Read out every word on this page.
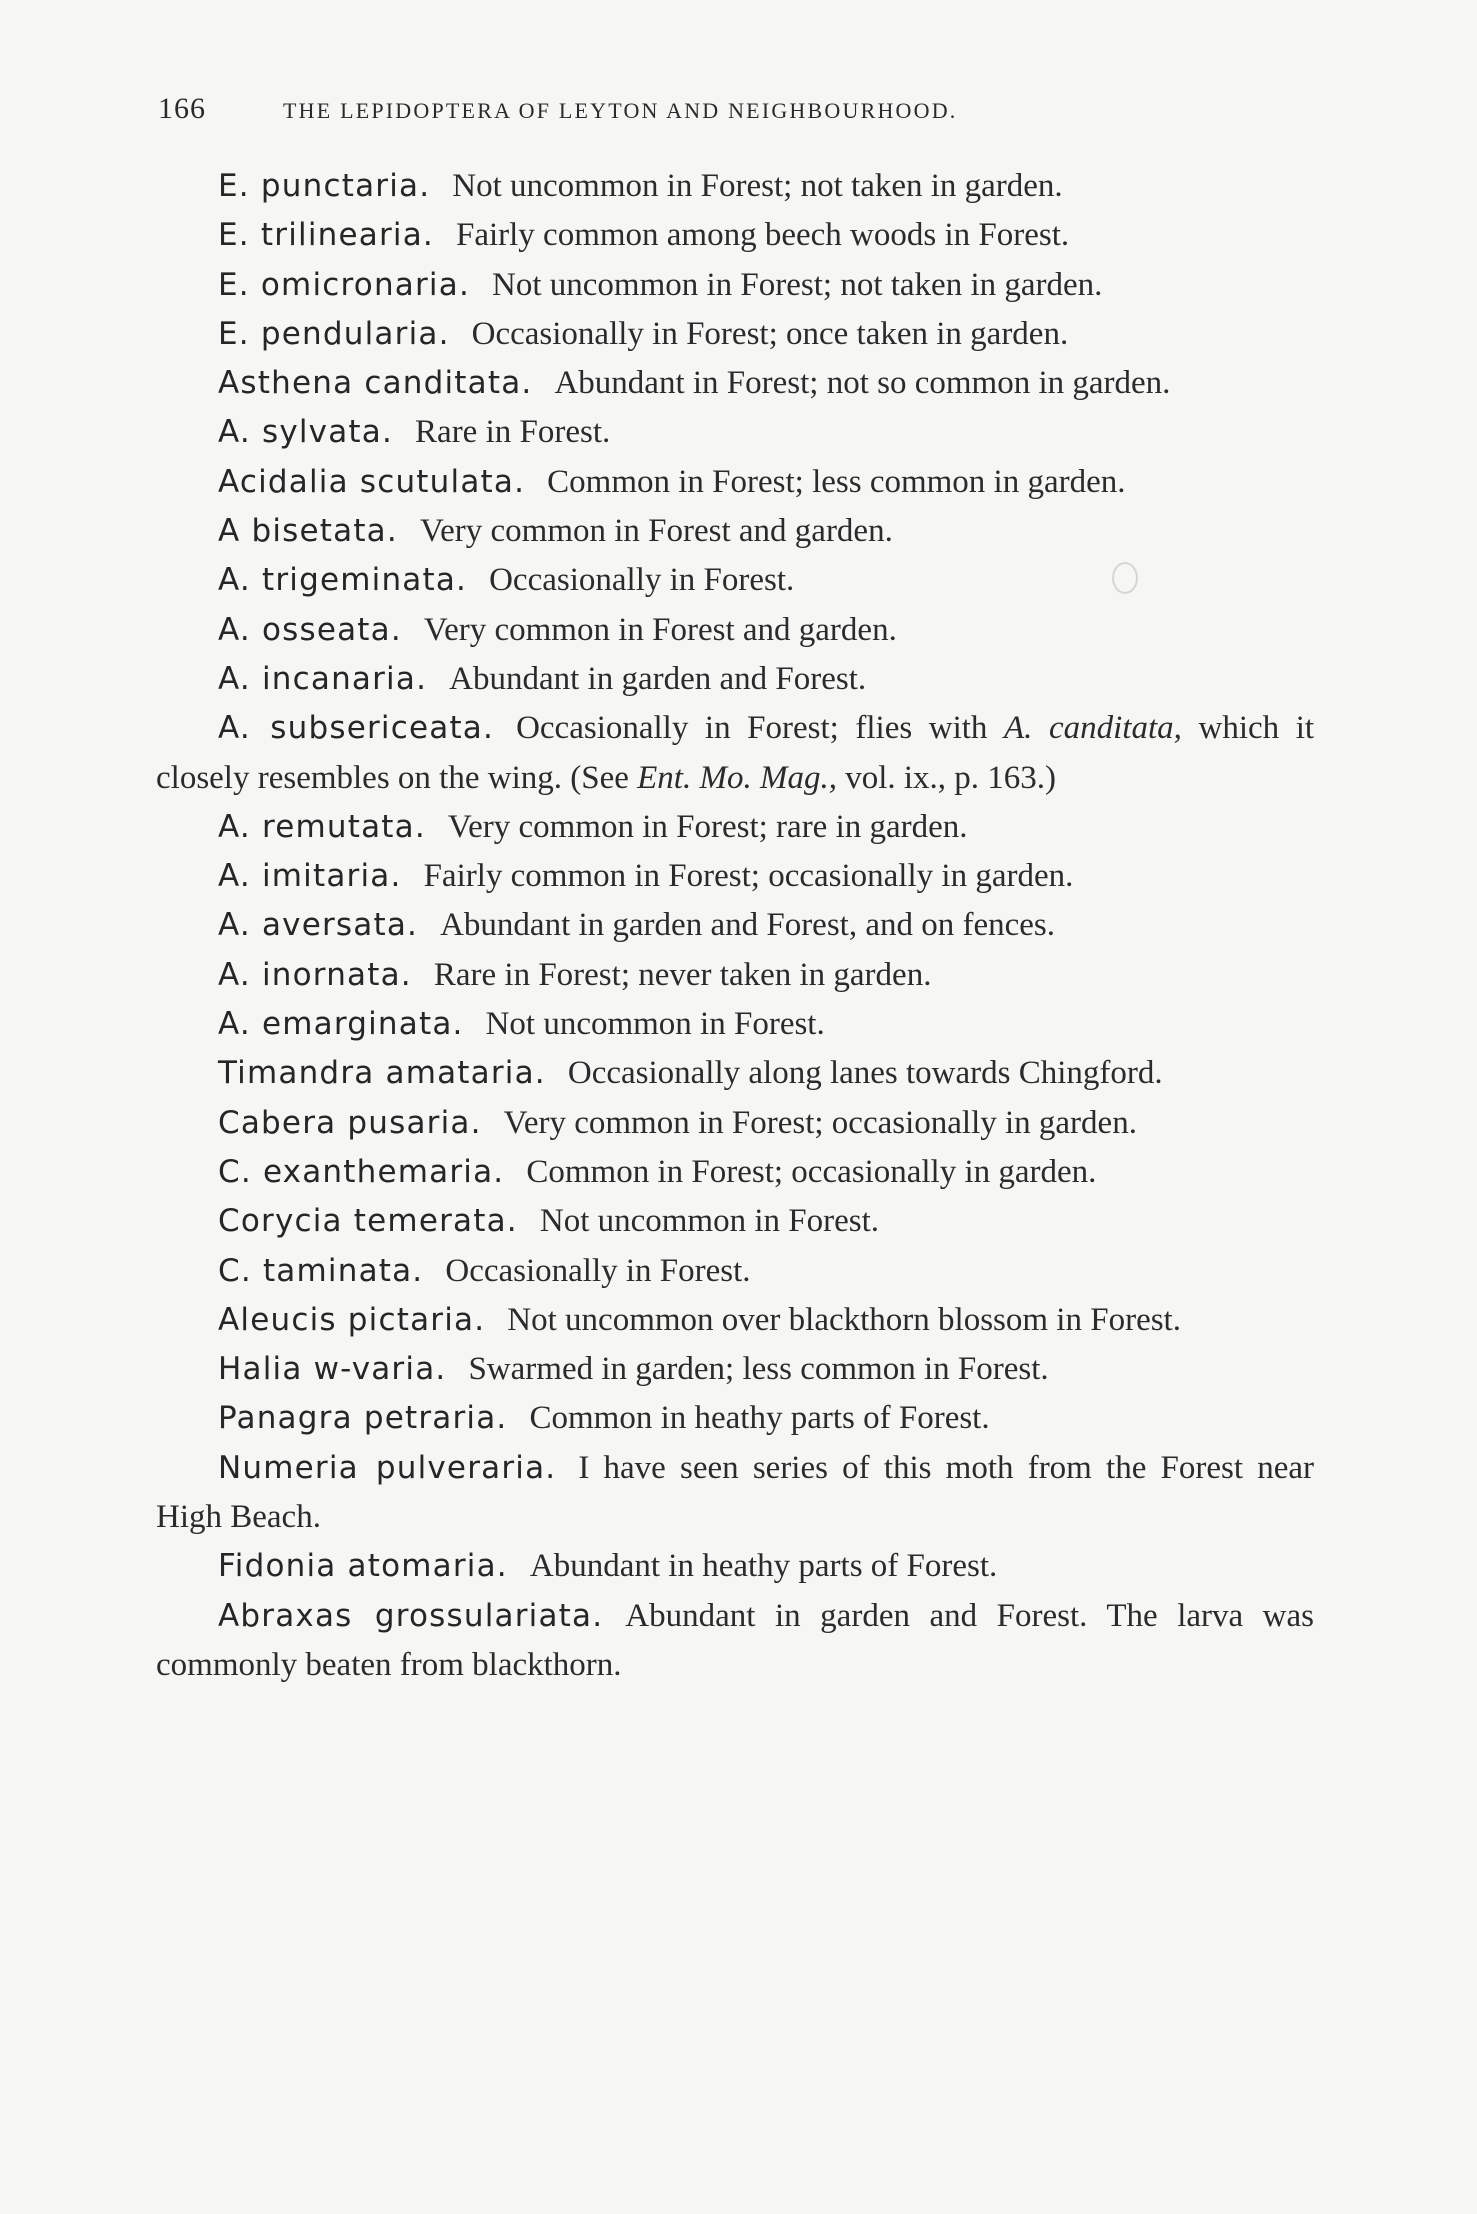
166	THE LEPIDOPTERA OF LEYTON AND NEIGHBOURHOOD.

E. punctaria. Not uncommon in Forest; not taken in garden.

E. trilinearia. Fairly common among beech woods in Forest.

E. omicronaria. Not uncommon in Forest; not taken in garden.

E. pendularia. Occasionally in Forest; once taken in garden.

Asthena canditata. Abundant in Forest; not so common in garden.

A. sylvata. Rare in Forest.

Acidalia scutulata. Common in Forest; less common in garden.

A bisetata. Very common in Forest and garden.

A. trigeminata. Occasionally in Forest.

A. osseata. Very common in Forest and garden.

A. incanaria. Abundant in garden and Forest.

A. subsericeata. Occasionally in Forest; flies with A. canditata, which it closely resembles on the wing. (See Ent. Mo. Mag., vol. ix., p. 163.)

A. remutata. Very common in Forest; rare in garden.

A. imitaria. Fairly common in Forest; occasionally in garden.

A. aversata. Abundant in garden and Forest, and on fences.

A. inornata. Rare in Forest; never taken in garden.

A. emarginata. Not uncommon in Forest.

Timandra amataria. Occasionally along lanes towards Chingford.

Cabera pusaria. Very common in Forest; occasionally in garden.

C. exanthemaria. Common in Forest; occasionally in garden.

Corycia temerata. Not uncommon in Forest.

C. taminata. Occasionally in Forest.

Aleucis pictaria. Not uncommon over blackthorn blossom in Forest.

Halia w-varia. Swarmed in garden; less common in Forest.

Panagra petraria. Common in heathy parts of Forest.

Numeria pulveraria. I have seen series of this moth from the Forest near High Beach.

Fidonia atomaria. Abundant in heathy parts of Forest.

Abraxas grossulariata. Abundant in garden and Forest. The larva was commonly beaten from blackthorn.
